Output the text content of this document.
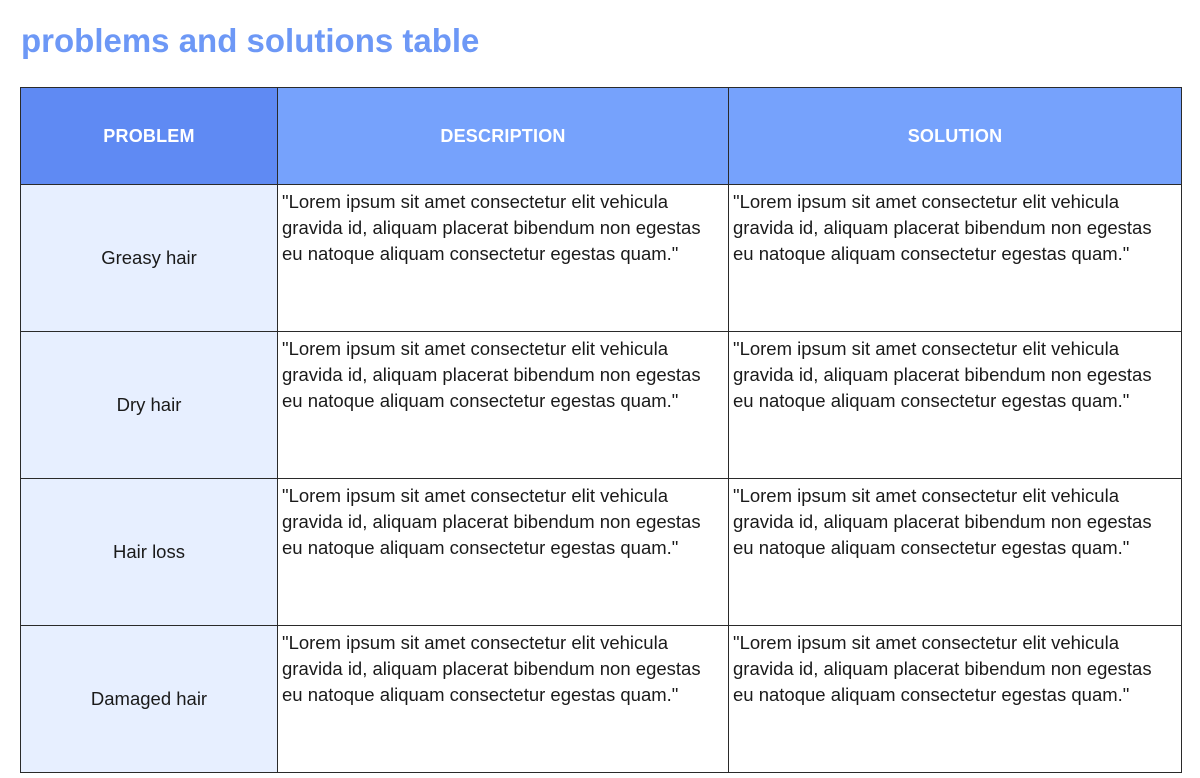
problems and solutions table
PROBLEM	DESCRIPTION	SOLUTION
Greasy hair	"Lorem ipsum sit amet consectetur elit vehicula gravida id, aliquam placerat bibendum non egestas eu natoque aliquam consectetur egestas quam."	"Lorem ipsum sit amet consectetur elit vehicula gravida id, aliquam placerat bibendum non egestas eu natoque aliquam consectetur egestas quam."
Dry hair	"Lorem ipsum sit amet consectetur elit vehicula gravida id, aliquam placerat bibendum non egestas eu natoque aliquam consectetur egestas quam."	"Lorem ipsum sit amet consectetur elit vehicula gravida id, aliquam placerat bibendum non egestas eu natoque aliquam consectetur egestas quam."
Hair loss	"Lorem ipsum sit amet consectetur elit vehicula gravida id, aliquam placerat bibendum non egestas eu natoque aliquam consectetur egestas quam."	"Lorem ipsum sit amet consectetur elit vehicula gravida id, aliquam placerat bibendum non egestas eu natoque aliquam consectetur egestas quam."
Damaged hair	"Lorem ipsum sit amet consectetur elit vehicula gravida id, aliquam placerat bibendum non egestas eu natoque aliquam consectetur egestas quam."	"Lorem ipsum sit amet consectetur elit vehicula gravida id, aliquam placerat bibendum non egestas eu natoque aliquam consectetur egestas quam."
